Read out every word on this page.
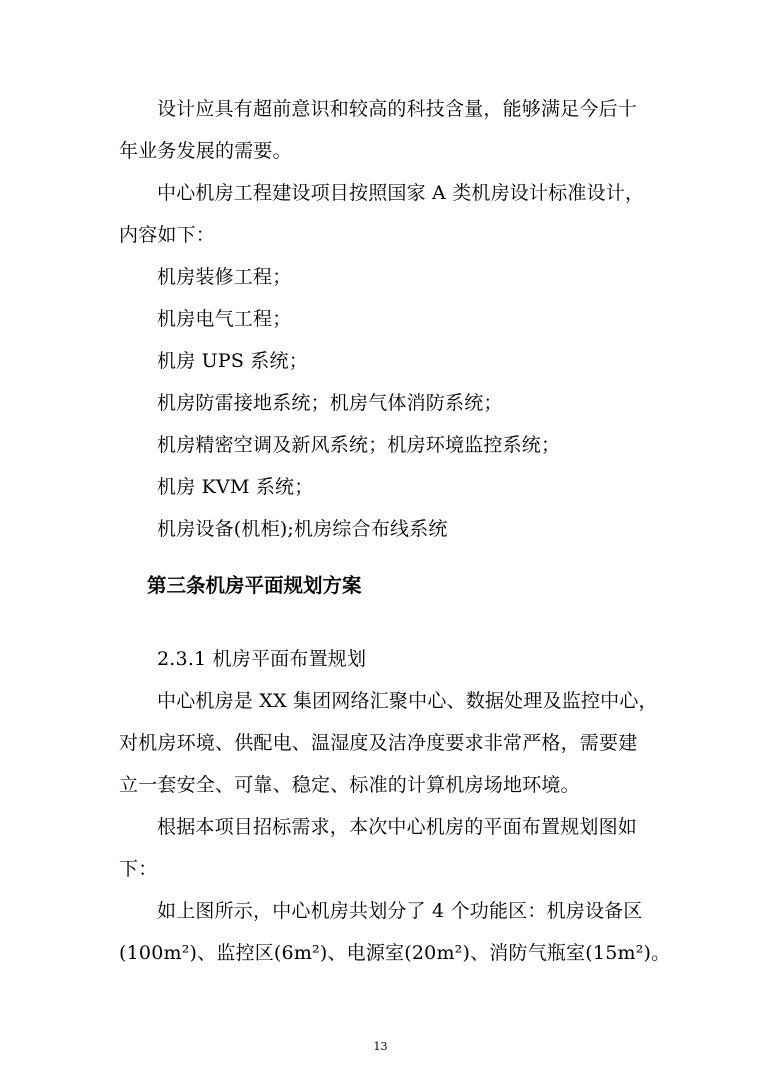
设计应具有超前意识和较高的科技含量，能够满足今后十
年业务发展的需要。
中心机房工程建设项目按照国家 A 类机房设计标准设计，
内容如下：
机房装修工程；
机房电气工程；
机房 UPS 系统；
机房防雷接地系统；机房气体消防系统；
机房精密空调及新风系统；机房环境监控系统；
机房 KVM 系统；
机房设备(机柜);机房综合布线系统
第三条机房平面规划方案
2.3.1 机房平面布置规划
中心机房是 XX 集团网络汇聚中心、数据处理及监控中心，
对机房环境、供配电、温湿度及洁净度要求非常严格，需要建
立一套安全、可靠、稳定、标准的计算机房场地环境。
根据本项目招标需求，本次中心机房的平面布置规划图如
下：
如上图所示，中心机房共划分了 4 个功能区：机房设备区
(100m²)、监控区(6m²)、电源室(20m²)、消防气瓶室(15m²)。
13
